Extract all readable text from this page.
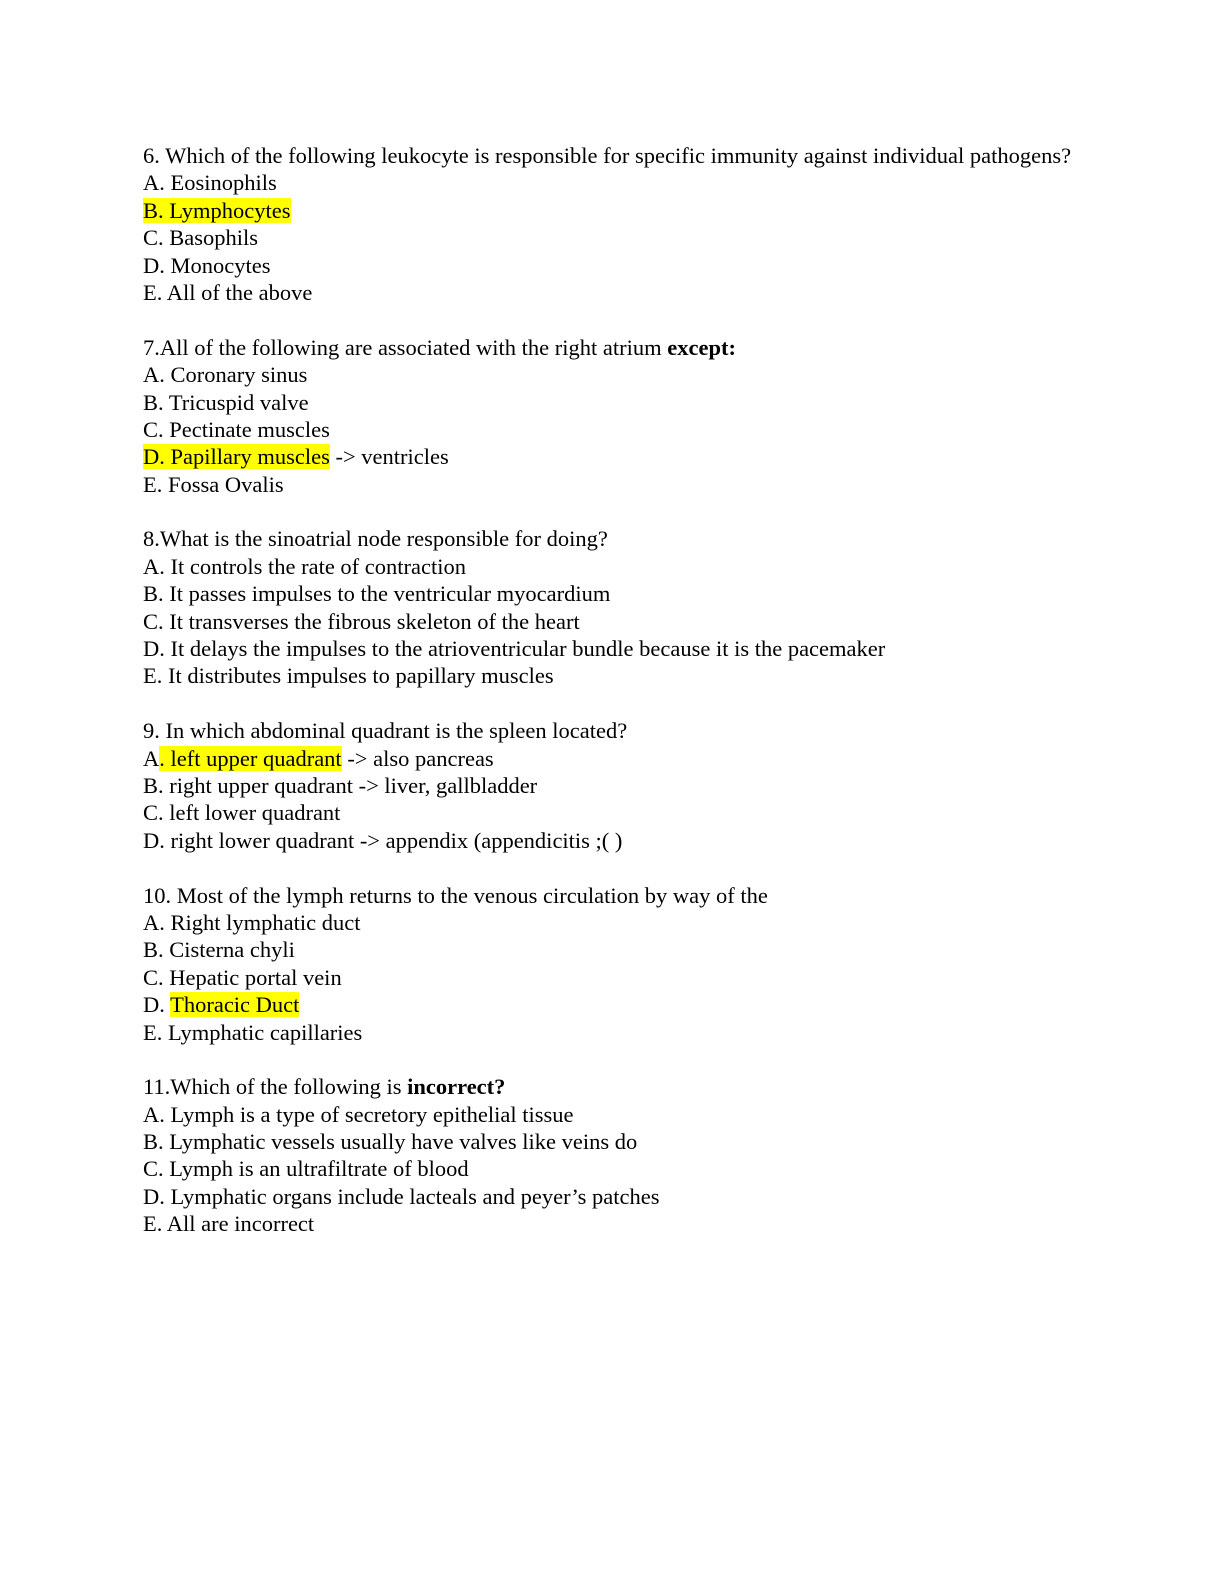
6. Which of the following leukocyte is responsible for specific immunity against individual pathogens?
A. Eosinophils
B. Lymphocytes
C. Basophils
D. Monocytes
E. All of the above
7.All of the following are associated with the right atrium except:
A. Coronary sinus
B. Tricuspid valve
C. Pectinate muscles
D. Papillary muscles -> ventricles
E. Fossa Ovalis
8.What is the sinoatrial node responsible for doing?
A. It controls the rate of contraction
B. It passes impulses to the ventricular myocardium
C. It transverses the fibrous skeleton of the heart
D. It delays the impulses to the atrioventricular bundle because it is the pacemaker
E. It distributes impulses to papillary muscles
9. In which abdominal quadrant is the spleen located?
A. left upper quadrant -> also pancreas
B. right upper quadrant -> liver, gallbladder
C. left lower quadrant
D. right lower quadrant -> appendix (appendicitis ;( )
10. Most of the lymph returns to the venous circulation by way of the
A. Right lymphatic duct
B. Cisterna chyli
C. Hepatic portal vein
D. Thoracic Duct
E. Lymphatic capillaries
11.Which of the following is incorrect?
A. Lymph is a type of secretory epithelial tissue
B. Lymphatic vessels usually have valves like veins do
C. Lymph is an ultrafiltrate of blood
D. Lymphatic organs include lacteals and peyer’s patches
E. All are incorrect
